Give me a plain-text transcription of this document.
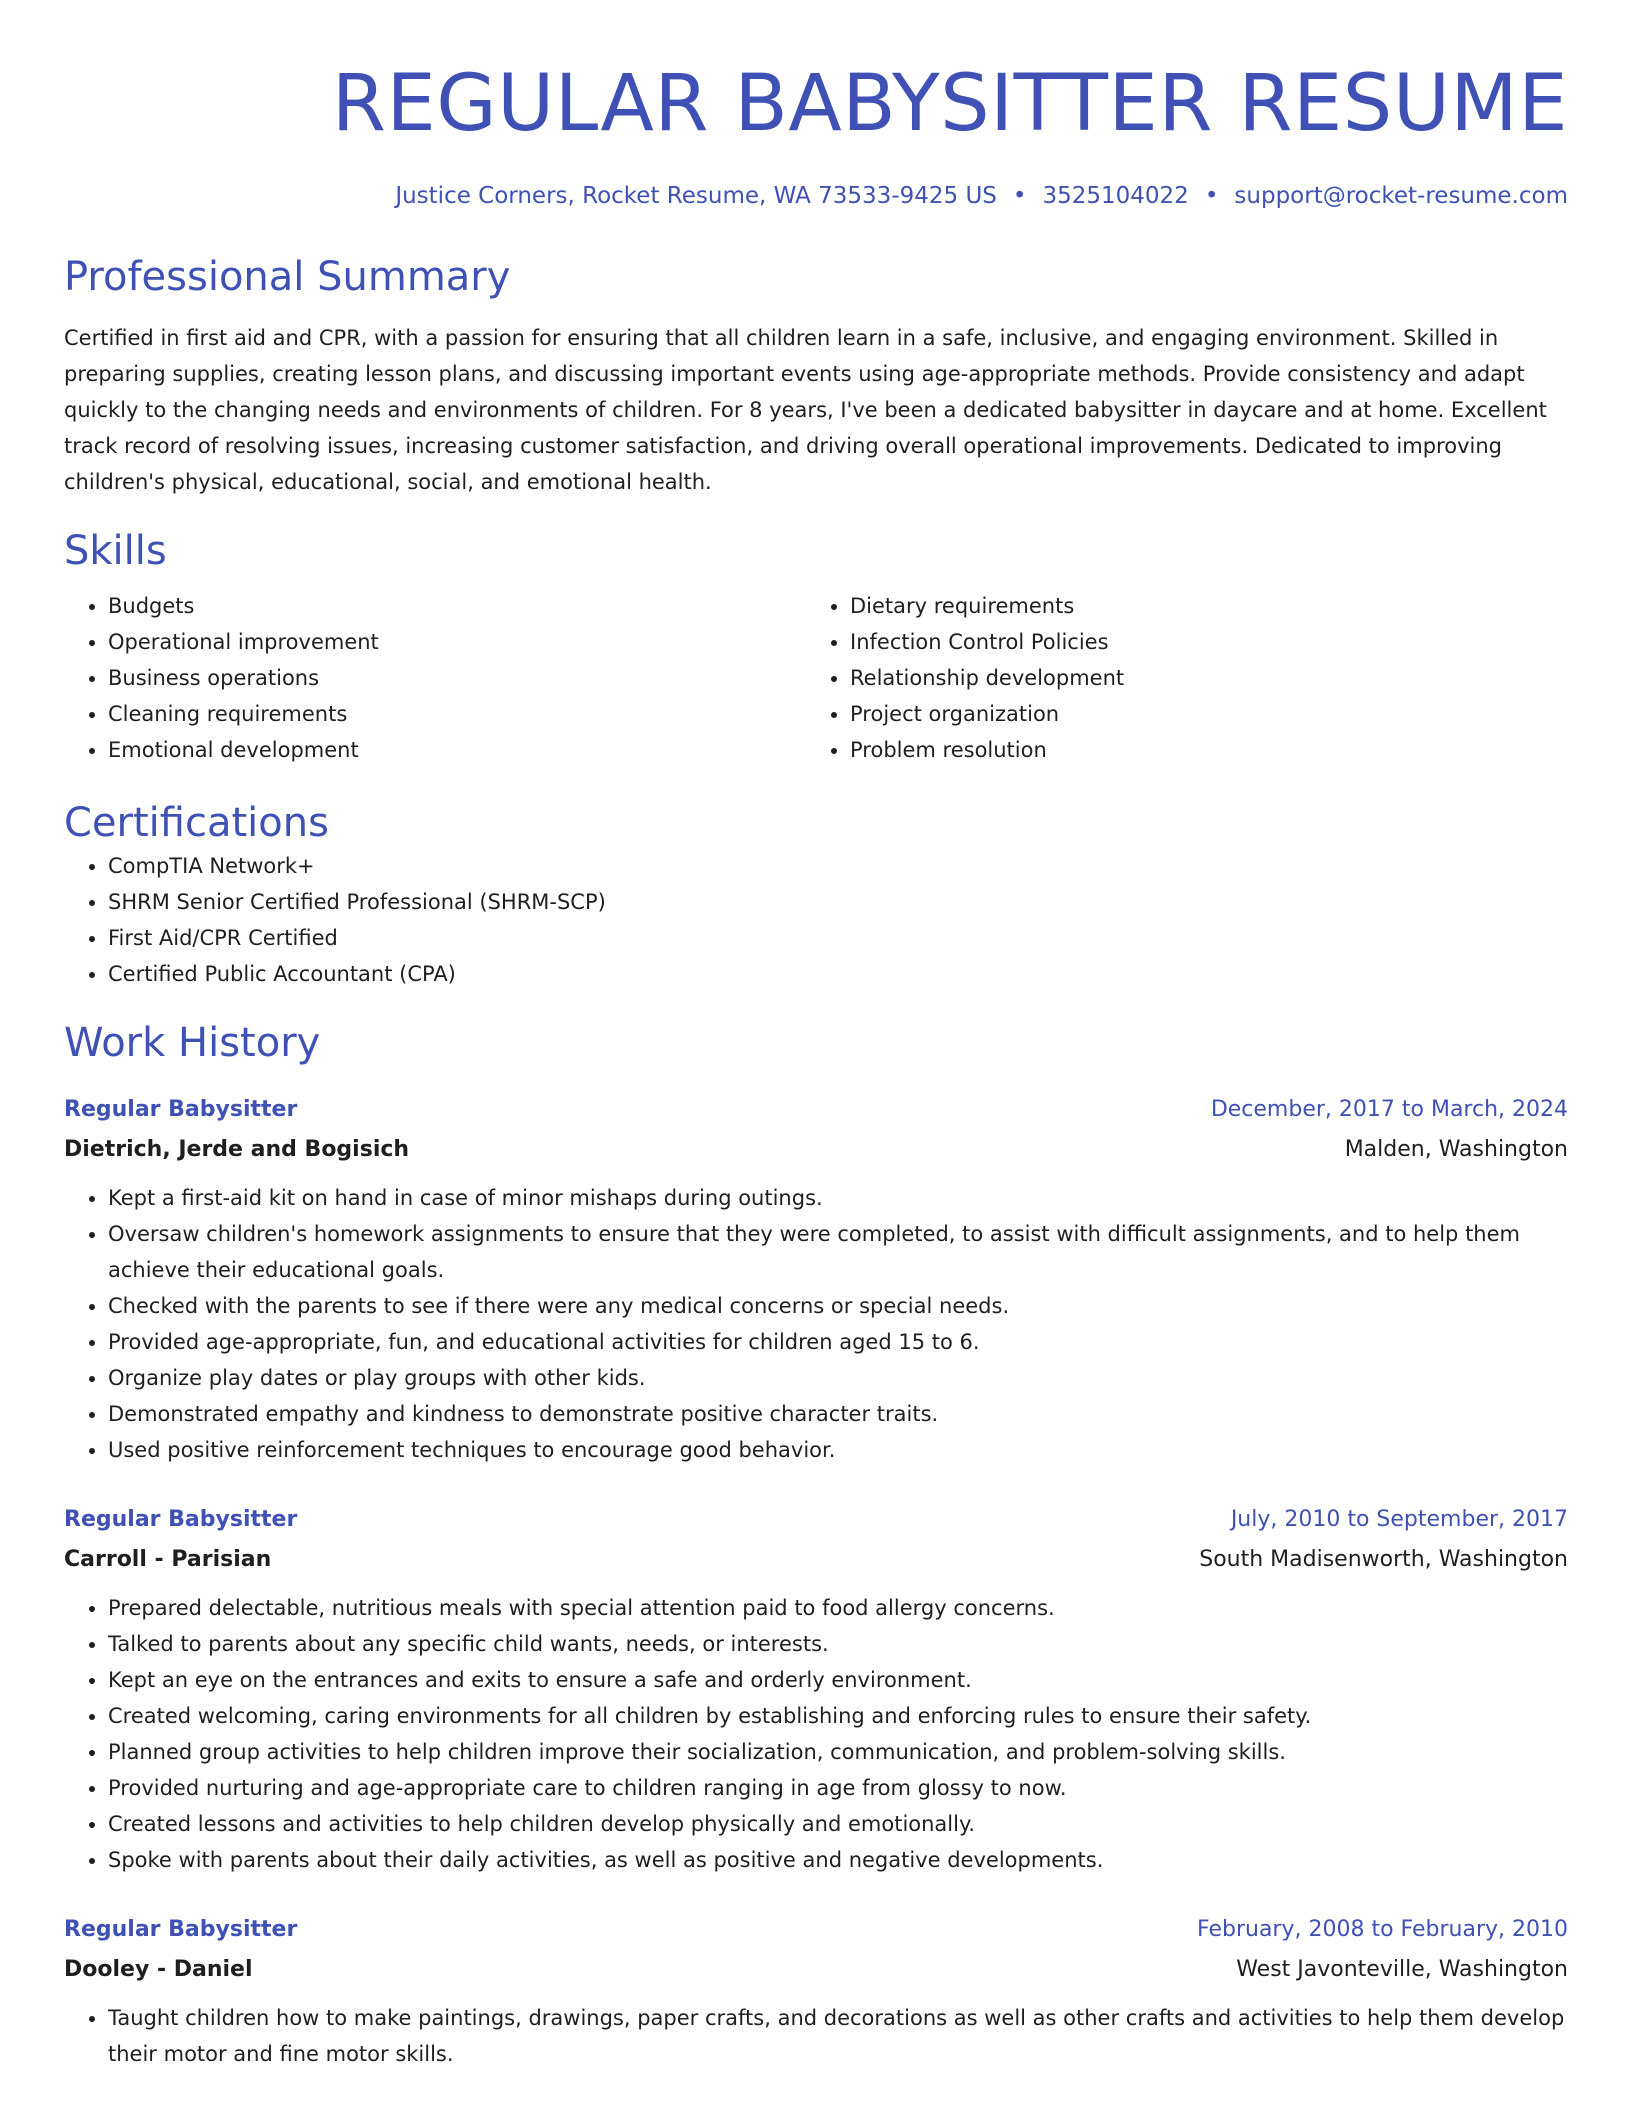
REGULAR BABYSITTER RESUME
Justice Corners, Rocket Resume, WA 73533-9425 US • 3525104022 • support@rocket-resume.com
Professional Summary

Certified in first aid and CPR, with a passion for ensuring that all children learn in a safe, inclusive, and engaging environment. Skilled in preparing supplies, creating lesson plans, and discussing important events using age-appropriate methods. Provide consistency and adapt quickly to the changing needs and environments of children. For 8 years, I've been a dedicated babysitter in daycare and at home. Excellent track record of resolving issues, increasing customer satisfaction, and driving overall operational improvements. Dedicated to improving children's physical, educational, social, and emotional health.

Skills
• Budgets
• Operational improvement
• Business operations
• Cleaning requirements
• Emotional development
• Dietary requirements
• Infection Control Policies
• Relationship development
• Project organization
• Problem resolution
Certifications
• CompTIA Network+
• SHRM Senior Certified Professional (SHRM-SCP)
• First Aid/CPR Certified
• Certified Public Accountant (CPA)
Work History
Regular Babysitter	December, 2017 to March, 2024
Dietrich, Jerde and Bogisich	Malden, Washington
• Kept a first-aid kit on hand in case of minor mishaps during outings.
• Oversaw children's homework assignments to ensure that they were completed, to assist with difficult assignments, and to help them achieve their educational goals.
• Checked with the parents to see if there were any medical concerns or special needs.
• Provided age-appropriate, fun, and educational activities for children aged 15 to 6.
• Organize play dates or play groups with other kids.
• Demonstrated empathy and kindness to demonstrate positive character traits.
• Used positive reinforcement techniques to encourage good behavior.
Regular Babysitter	July, 2010 to September, 2017
Carroll - Parisian	South Madisenworth, Washington
• Prepared delectable, nutritious meals with special attention paid to food allergy concerns.
• Talked to parents about any specific child wants, needs, or interests.
• Kept an eye on the entrances and exits to ensure a safe and orderly environment.
• Created welcoming, caring environments for all children by establishing and enforcing rules to ensure their safety.
• Planned group activities to help children improve their socialization, communication, and problem-solving skills.
• Provided nurturing and age-appropriate care to children ranging in age from glossy to now.
• Created lessons and activities to help children develop physically and emotionally.
• Spoke with parents about their daily activities, as well as positive and negative developments.
Regular Babysitter	February, 2008 to February, 2010
Dooley - Daniel	West Javonteville, Washington
• Taught children how to make paintings, drawings, paper crafts, and decorations as well as other crafts and activities to help them develop their motor and fine motor skills.
